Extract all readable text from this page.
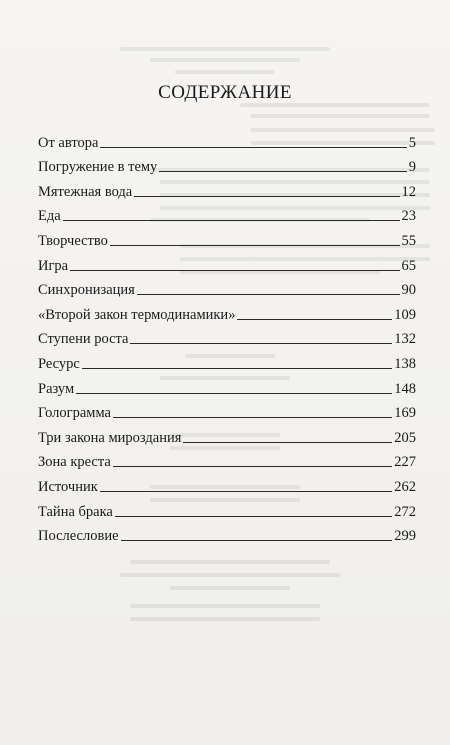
СОДЕРЖАНИЕ
От автора	5
Погружение в тему	9
Мятежная вода	12
Еда	23
Творчество	55
Игра	65
Синхронизация	90
«Второй закон термодинамики»	109
Ступени роста	132
Ресурс	138
Разум	148
Голограмма	169
Три закона мироздания	205
Зона креста	227
Источник	262
Тайна брака	272
Послесловие	299
